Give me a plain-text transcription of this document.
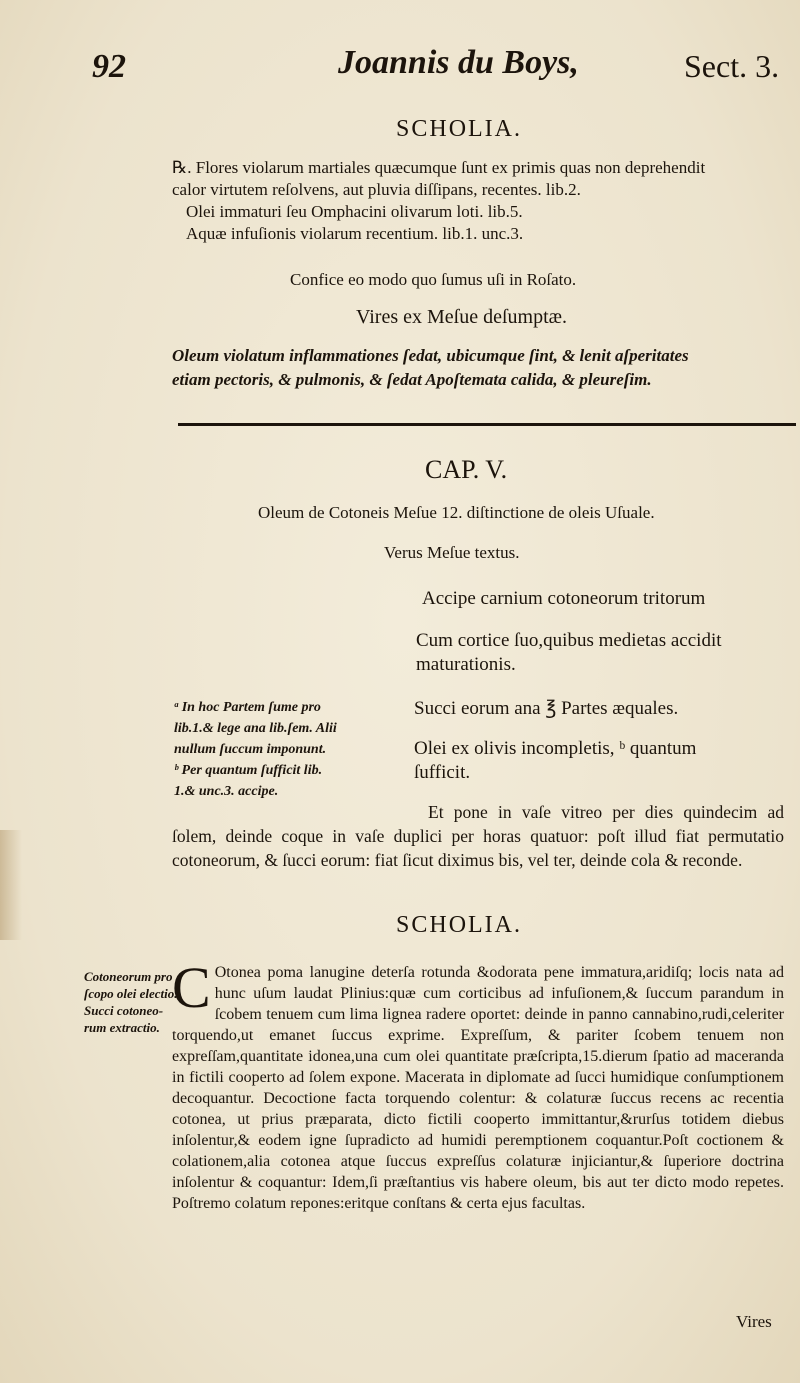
92	Joannis du Boys,	Sect. 3.
SCHOLIA.
℞. Flores violarum martiales quæcumque ſunt ex primis quas non deprehendit
calor virtutem reſolvens, aut pluvia diſſipans, recentes. lib.2.
Olei immaturi ſeu Omphacini olivarum loti. lib.5.
Aquæ infuſionis violarum recentium. lib.1. unc.3.
Confice eo modo quo ſumus uſi in Roſato.
Vires ex Meſue deſumptæ.
Oleum violatum inflammationes ſedat, ubicumque ſint, & lenit aſperitates
etiam pectoris, & pulmonis, & ſedat Apoſtemata calida, & pleureſim.
CAP. V.
Oleum de Cotoneis Meſue 12. diſtinctione de oleis Uſuale.
Verus Meſue textus.
Accipe carnium cotoneorum tritorum
Cum cortice ſuo,quibus medietas accidit
maturationis.
Succi eorum ana ℥ Partes æquales.
Olei ex olivis incompletis, ᵇ quantum
ſufficit.
ᵃ In hoc Partem ſume pro
lib.1.& lege ana lib.ſem. Alii
nullum ſuccum imponunt.
ᵇ Per quantum ſufficit lib.
1.& unc.3. accipe.
Et pone in vaſe vitreo per dies quindecim ad ſolem, deinde coque in vaſe duplici per horas quatuor: poſt illud fiat permutatio cotoneorum, & ſucci eorum: fiat ſicut diximus bis, vel ter, deinde cola & reconde.
SCHOLIA.
Cotoneorum pro
ſcopo olei electio.
Succi cotoneo-
rum extractio.
C Otonea poma lanugine deterſa rotunda &odorata pene immatura,aridiſq; locis nata ad hunc uſum laudat Plinius:quæ cum corticibus ad infuſionem,& ſuccum parandum in ſcobem tenuem cum lima lignea radere oportet: deinde in panno cannabino,rudi,celeriter torquendo,ut emanet ſuccus exprime. Expreſſum, & pariter ſcobem tenuem non expreſſam,quantitate idonea,una cum olei quantitate præſcripta,15.dierum ſpatio ad maceranda in fictili cooperto ad ſolem expone. Macerata in diplomate ad ſucci humidique conſumptionem decoquantur. Decoctione facta torquendo colentur: & colaturæ ſuccus recens ac recentia cotonea, ut prius præparata, dicto fictili cooperto immittantur,&rurſus totidem diebus inſolentur,& eodem igne ſupradicto ad humidi peremptionem coquantur.Poſt coctionem & colationem,alia cotonea atque ſuccus expreſſus colaturæ injiciantur,& ſuperiore doctrina inſolentur & coquantur: Idem,ſi præſtantius vis habere oleum, bis aut ter dicto modo repetes. Poſtremo colatum repones:eritque conſtans & certa ejus facultas.
Vires
